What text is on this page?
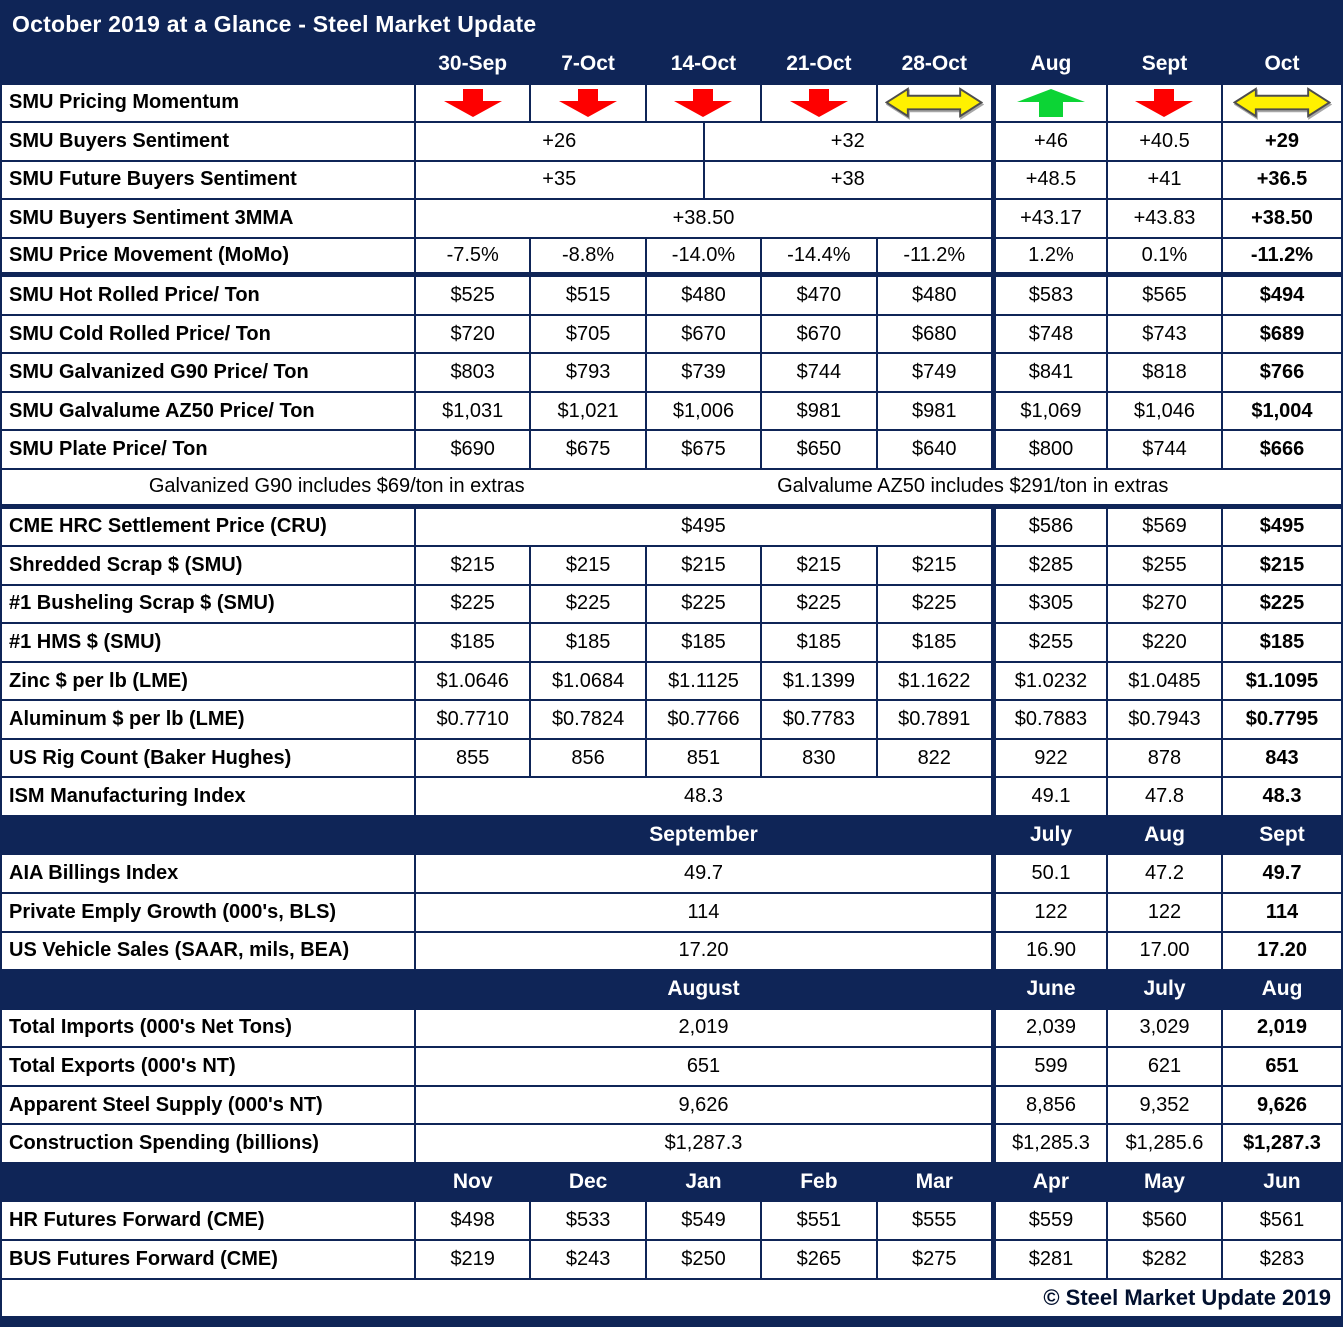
October 2019 at a Glance - Steel Market Update
30-Sep	7-Oct	14-Oct	21-Oct	28-Oct	Aug	Sept	Oct
SMU Pricing Momentum
SMU Buyers Sentiment	+26	+32	+46	+40.5	+29
SMU Future Buyers Sentiment	+35	+38	+48.5	+41	+36.5
SMU Buyers Sentiment 3MMA	+38.50	+43.17	+43.83	+38.50
SMU Price Movement (MoMo)	-7.5%	-8.8%	-14.0%	-14.4%	-11.2%	1.2%	0.1%	-11.2%
SMU Hot Rolled Price/ Ton	$525	$515	$480	$470	$480	$583	$565	$494
SMU Cold Rolled Price/ Ton	$720	$705	$670	$670	$680	$748	$743	$689
SMU Galvanized G90 Price/ Ton	$803	$793	$739	$744	$749	$841	$818	$766
SMU Galvalume AZ50 Price/ Ton	$1,031	$1,021	$1,006	$981	$981	$1,069	$1,046	$1,004
SMU Plate Price/ Ton	$690	$675	$675	$650	$640	$800	$744	$666
Galvanized G90 includes $69/ton in extras	Galvalume AZ50 includes $291/ton in extras
CME HRC Settlement Price (CRU)	$495	$586	$569	$495
Shredded Scrap $ (SMU)	$215	$215	$215	$215	$215	$285	$255	$215
#1 Busheling Scrap $ (SMU)	$225	$225	$225	$225	$225	$305	$270	$225
#1 HMS $ (SMU)	$185	$185	$185	$185	$185	$255	$220	$185
Zinc $ per lb (LME)	$1.0646	$1.0684	$1.1125	$1.1399	$1.1622	$1.0232	$1.0485	$1.1095
Aluminum $ per lb (LME)	$0.7710	$0.7824	$0.7766	$0.7783	$0.7891	$0.7883	$0.7943	$0.7795
US Rig Count (Baker Hughes)	855	856	851	830	822	922	878	843
ISM Manufacturing Index	48.3	49.1	47.8	48.3
September	July	Aug	Sept
AIA Billings Index	49.7	50.1	47.2	49.7
Private Emply Growth (000's, BLS)	114	122	122	114
US Vehicle Sales (SAAR, mils, BEA)	17.20	16.90	17.00	17.20
August	June	July	Aug
Total Imports (000's Net Tons)	2,019	2,039	3,029	2,019
Total Exports (000's NT)	651	599	621	651
Apparent Steel Supply (000's NT)	9,626	8,856	9,352	9,626
Construction Spending (billions)	$1,287.3	$1,285.3	$1,285.6	$1,287.3
Nov	Dec	Jan	Feb	Mar	Apr	May	Jun
HR Futures Forward (CME)	$498	$533	$549	$551	$555	$559	$560	$561
BUS Futures Forward (CME)	$219	$243	$250	$265	$275	$281	$282	$283
© Steel Market Update 2019
